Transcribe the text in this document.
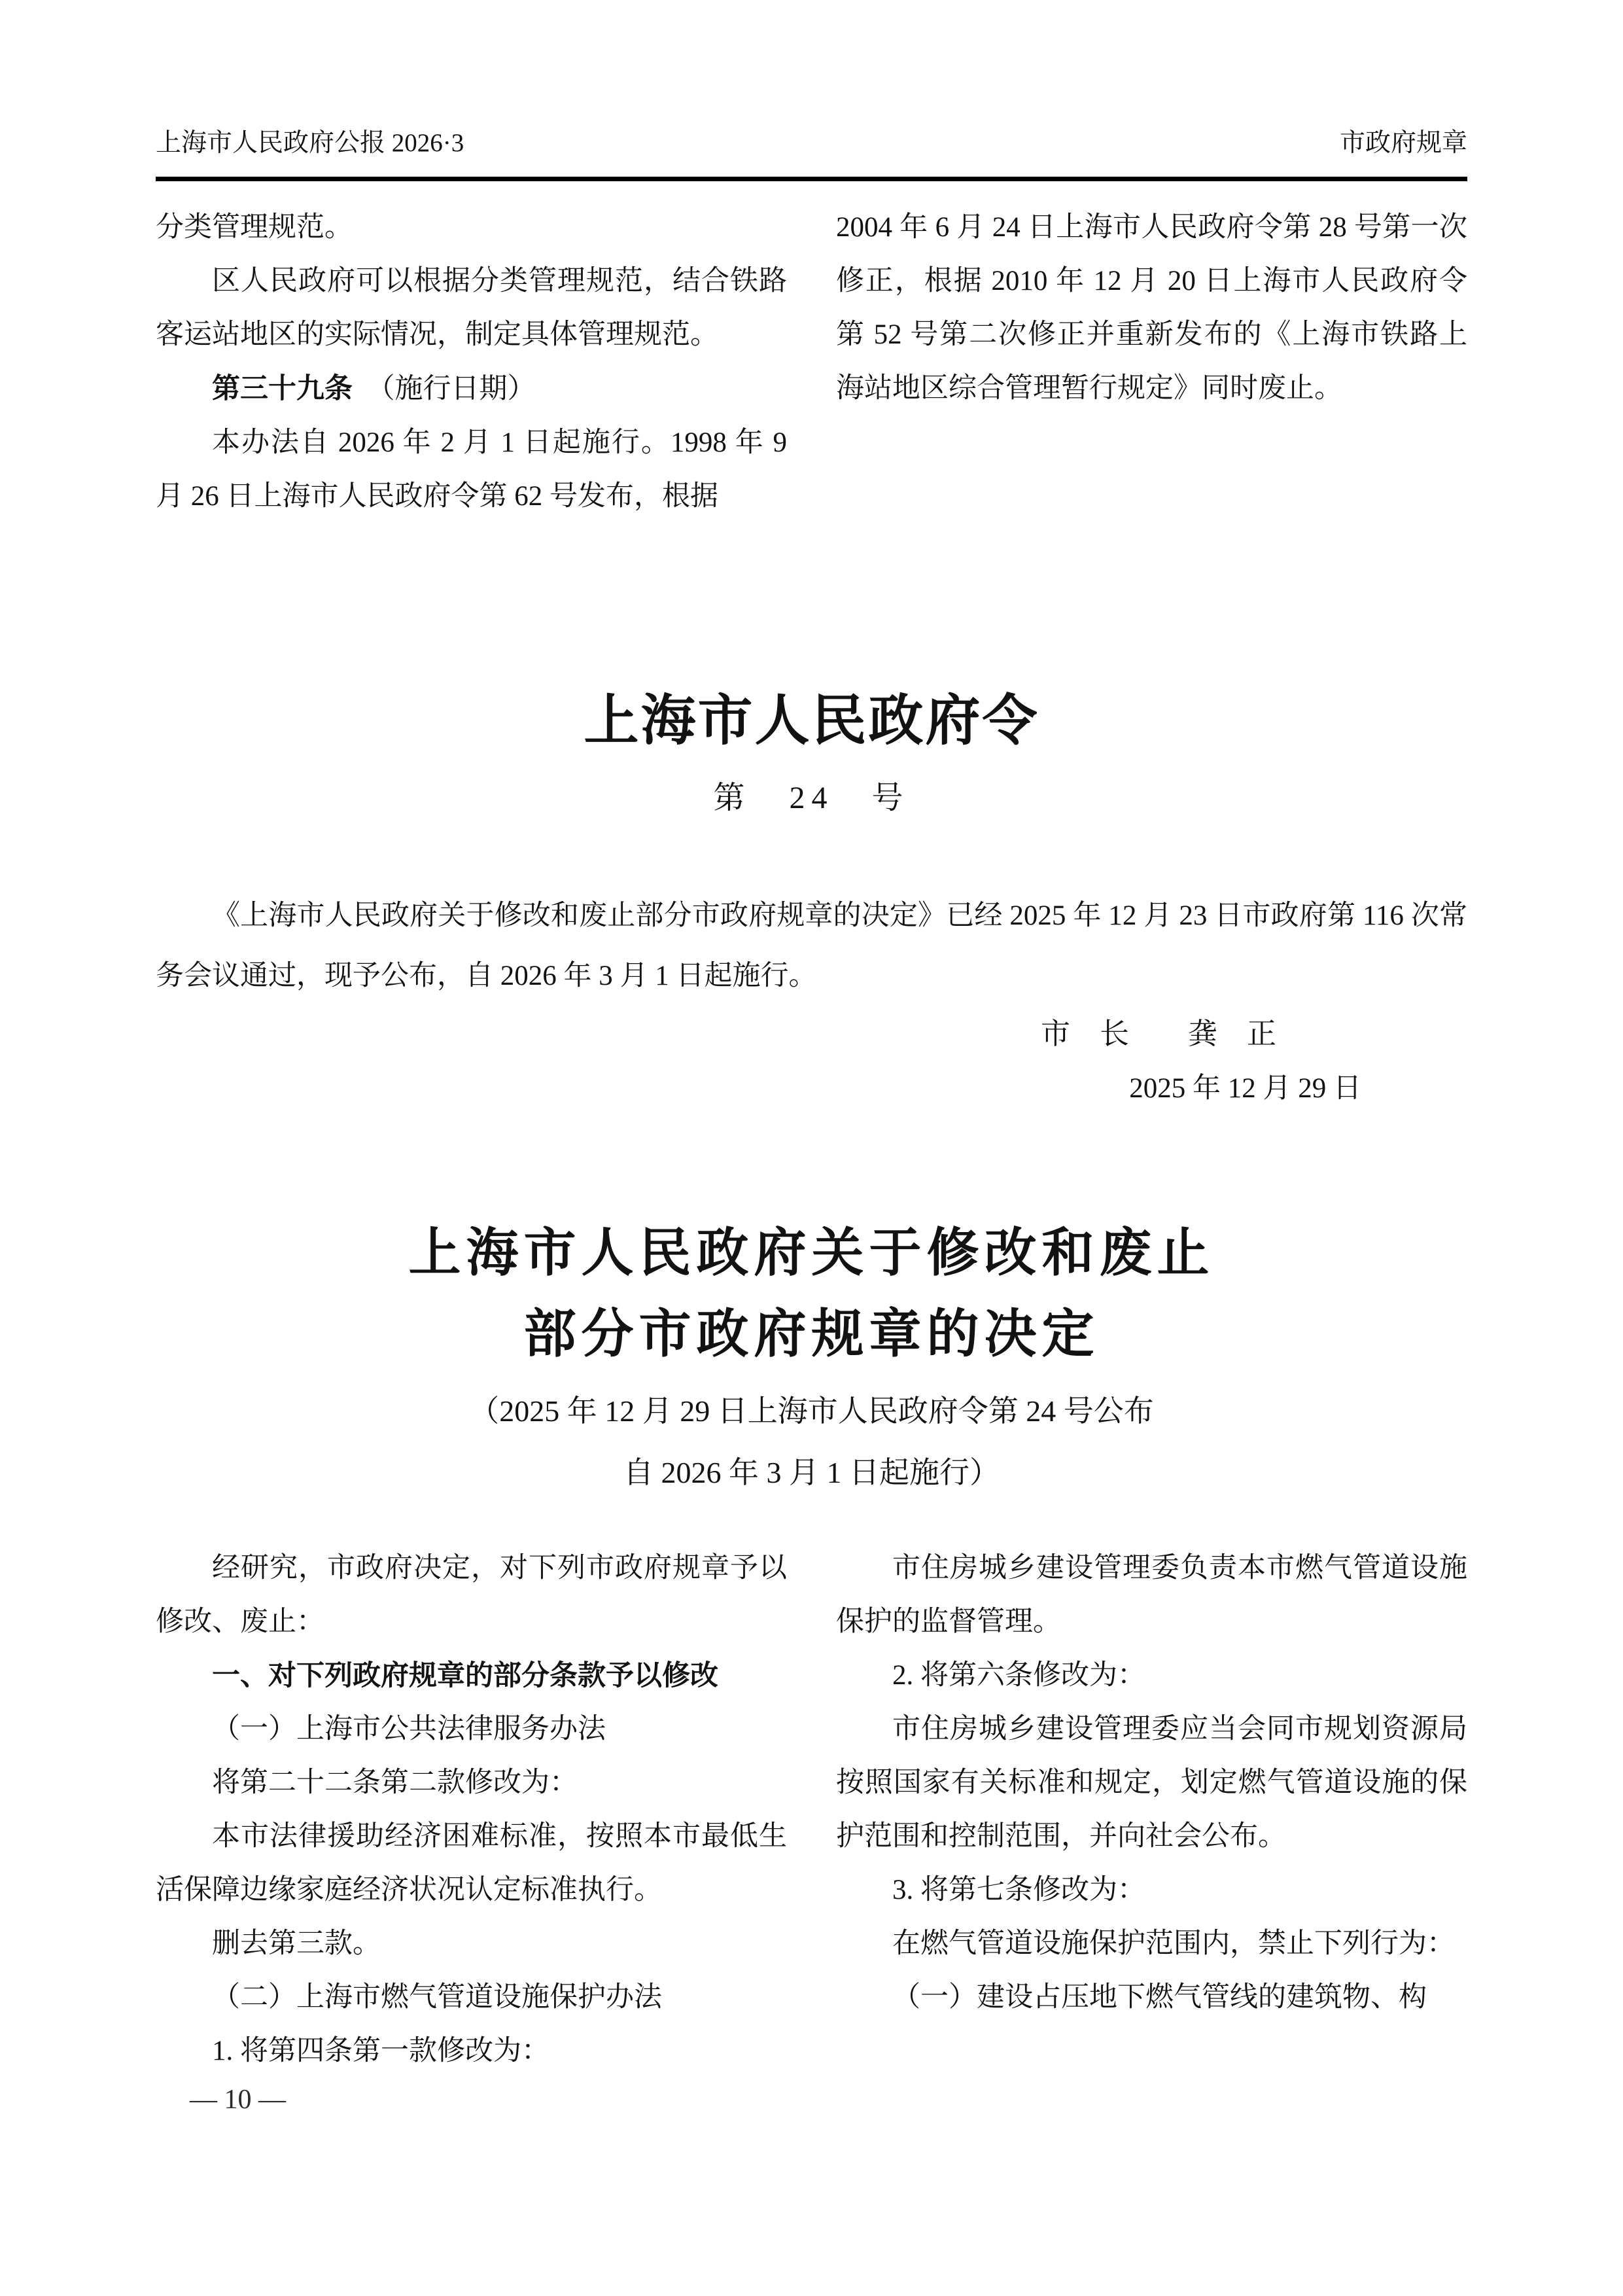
上海市人民政府公报 2026·3	市政府规章

分类管理规范。

区人民政府可以根据分类管理规范，结合铁路客运站地区的实际情况，制定具体管理规范。

第三十九条　（施行日期）

本办法自 2026 年 2 月 1 日起施行。1998 年 9 月 26 日上海市人民政府令第 62 号发布，根据

2004 年 6 月 24 日上海市人民政府令第 28 号第一次修正，根据 2010 年 12 月 20 日上海市人民政府令第 52 号第二次修正并重新发布的《上海市铁路上海站地区综合管理暂行规定》同时废止。

上海市人民政府令
第　24　号

《上海市人民政府关于修改和废止部分市政府规章的决定》已经 2025 年 12 月 23 日市政府第 116 次常务会议通过，现予公布，自 2026 年 3 月 1 日起施行。

市　长　　龚　正
2025 年 12 月 29 日
上海市人民政府关于修改和废止
部分市政府规章的决定
（2025 年 12 月 29 日上海市人民政府令第 24 号公布
自 2026 年 3 月 1 日起施行）

经研究，市政府决定，对下列市政府规章予以修改、废止：

一、对下列政府规章的部分条款予以修改

（一）上海市公共法律服务办法

将第二十二条第二款修改为：

本市法律援助经济困难标准，按照本市最低生活保障边缘家庭经济状况认定标准执行。

删去第三款。

（二）上海市燃气管道设施保护办法

1. 将第四条第一款修改为：

市住房城乡建设管理委负责本市燃气管道设施保护的监督管理。

2. 将第六条修改为：

市住房城乡建设管理委应当会同市规划资源局按照国家有关标准和规定，划定燃气管道设施的保护范围和控制范围，并向社会公布。

3. 将第七条修改为：

在燃气管道设施保护范围内，禁止下列行为：

（一）建设占压地下燃气管线的建筑物、构

— 10 —
